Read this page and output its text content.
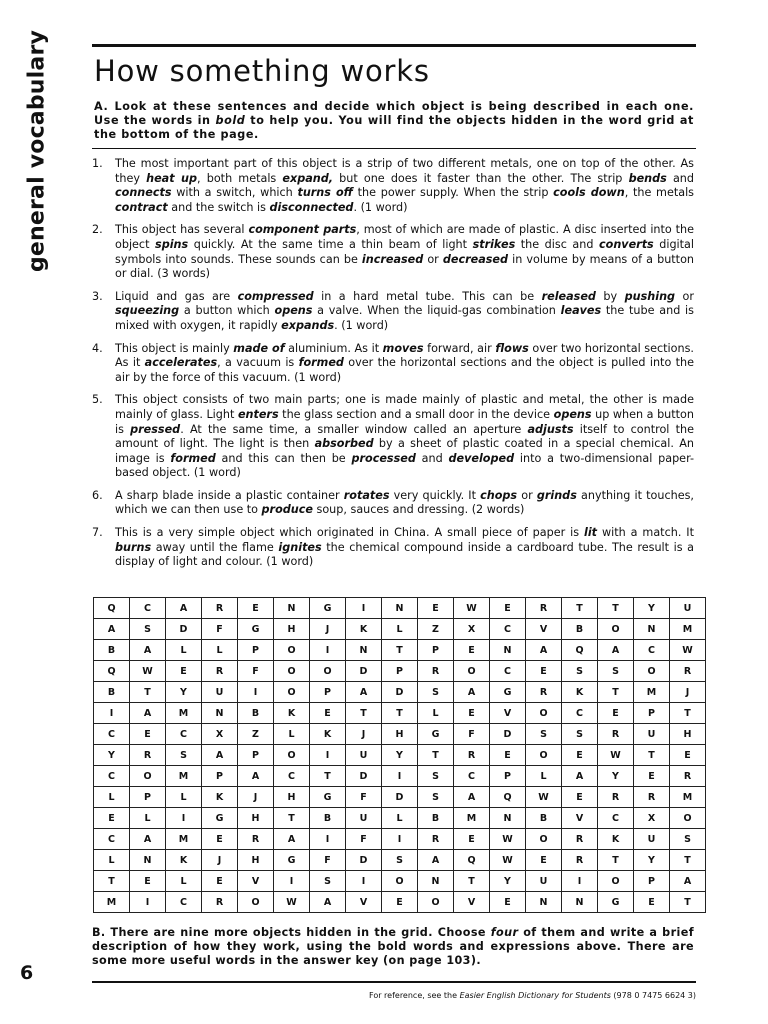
general vocabulary
6
How something works
A. Look at these sentences and decide which object is being described in each one. Use the words in bold to help you. You will find the objects hidden in the word grid at the bottom of the page.
1. The most important part of this object is a strip of two different metals, one on top of the other. As they heat up, both metals expand, but one does it faster than the other. The strip bends and connects with a switch, which turns off the power supply. When the strip cools down, the metals contract and the switch is disconnected. (1 word)
2. This object has several component parts, most of which are made of plastic. A disc inserted into the object spins quickly. At the same time a thin beam of light strikes the disc and converts digital symbols into sounds. These sounds can be increased or decreased in volume by means of a button or dial. (3 words)
3. Liquid and gas are compressed in a hard metal tube. This can be released by pushing or squeezing a button which opens a valve. When the liquid-gas combination leaves the tube and is mixed with oxygen, it rapidly expands. (1 word)
4. This object is mainly made of aluminium. As it moves forward, air flows over two horizontal sections. As it accelerates, a vacuum is formed over the horizontal sections and the object is pulled into the air by the force of this vacuum. (1 word)
5. This object consists of two main parts; one is made mainly of plastic and metal, the other is made mainly of glass. Light enters the glass section and a small door in the device opens up when a button is pressed. At the same time, a smaller window called an aperture adjusts itself to control the amount of light. The light is then absorbed by a sheet of plastic coated in a special chemical. An image is formed and this can then be processed and developed into a two-dimensional paper-based object. (1 word)
6. A sharp blade inside a plastic container rotates very quickly. It chops or grinds anything it touches, which we can then use to produce soup, sauces and dressing. (2 words)
7. This is a very simple object which originated in China. A small piece of paper is lit with a match. It burns away until the flame ignites the chemical compound inside a cardboard tube. The result is a display of light and colour. (1 word)
Q	C	A	R	E	N	G	I	N	E	W	E	R	T	T	Y	U
A	S	D	F	G	H	J	K	L	Z	X	C	V	B	O	N	M
B	A	L	L	P	O	I	N	T	P	E	N	A	Q	A	C	W
Q	W	E	R	F	O	O	D	P	R	O	C	E	S	S	O	R
B	T	Y	U	I	O	P	A	D	S	A	G	R	K	T	M	J
I	A	M	N	B	K	E	T	T	L	E	V	O	C	E	P	T
C	E	C	X	Z	L	K	J	H	G	F	D	S	S	R	U	H
Y	R	S	A	P	O	I	U	Y	T	R	E	O	E	W	T	E
C	O	M	P	A	C	T	D	I	S	C	P	L	A	Y	E	R
L	P	L	K	J	H	G	F	D	S	A	Q	W	E	R	R	M
E	L	I	G	H	T	B	U	L	B	M	N	B	V	C	X	O
C	A	M	E	R	A	I	F	I	R	E	W	O	R	K	U	S
L	N	K	J	H	G	F	D	S	A	Q	W	E	R	T	Y	T
T	E	L	E	V	I	S	I	O	N	T	Y	U	I	O	P	A
M	I	C	R	O	W	A	V	E	O	V	E	N	N	G	E	T
B. There are nine more objects hidden in the grid. Choose four of them and write a brief description of how they work, using the bold words and expressions above. There are some more useful words in the answer key (on page 103).
For reference, see the Easier English Dictionary for Students (978 0 7475 6624 3)
